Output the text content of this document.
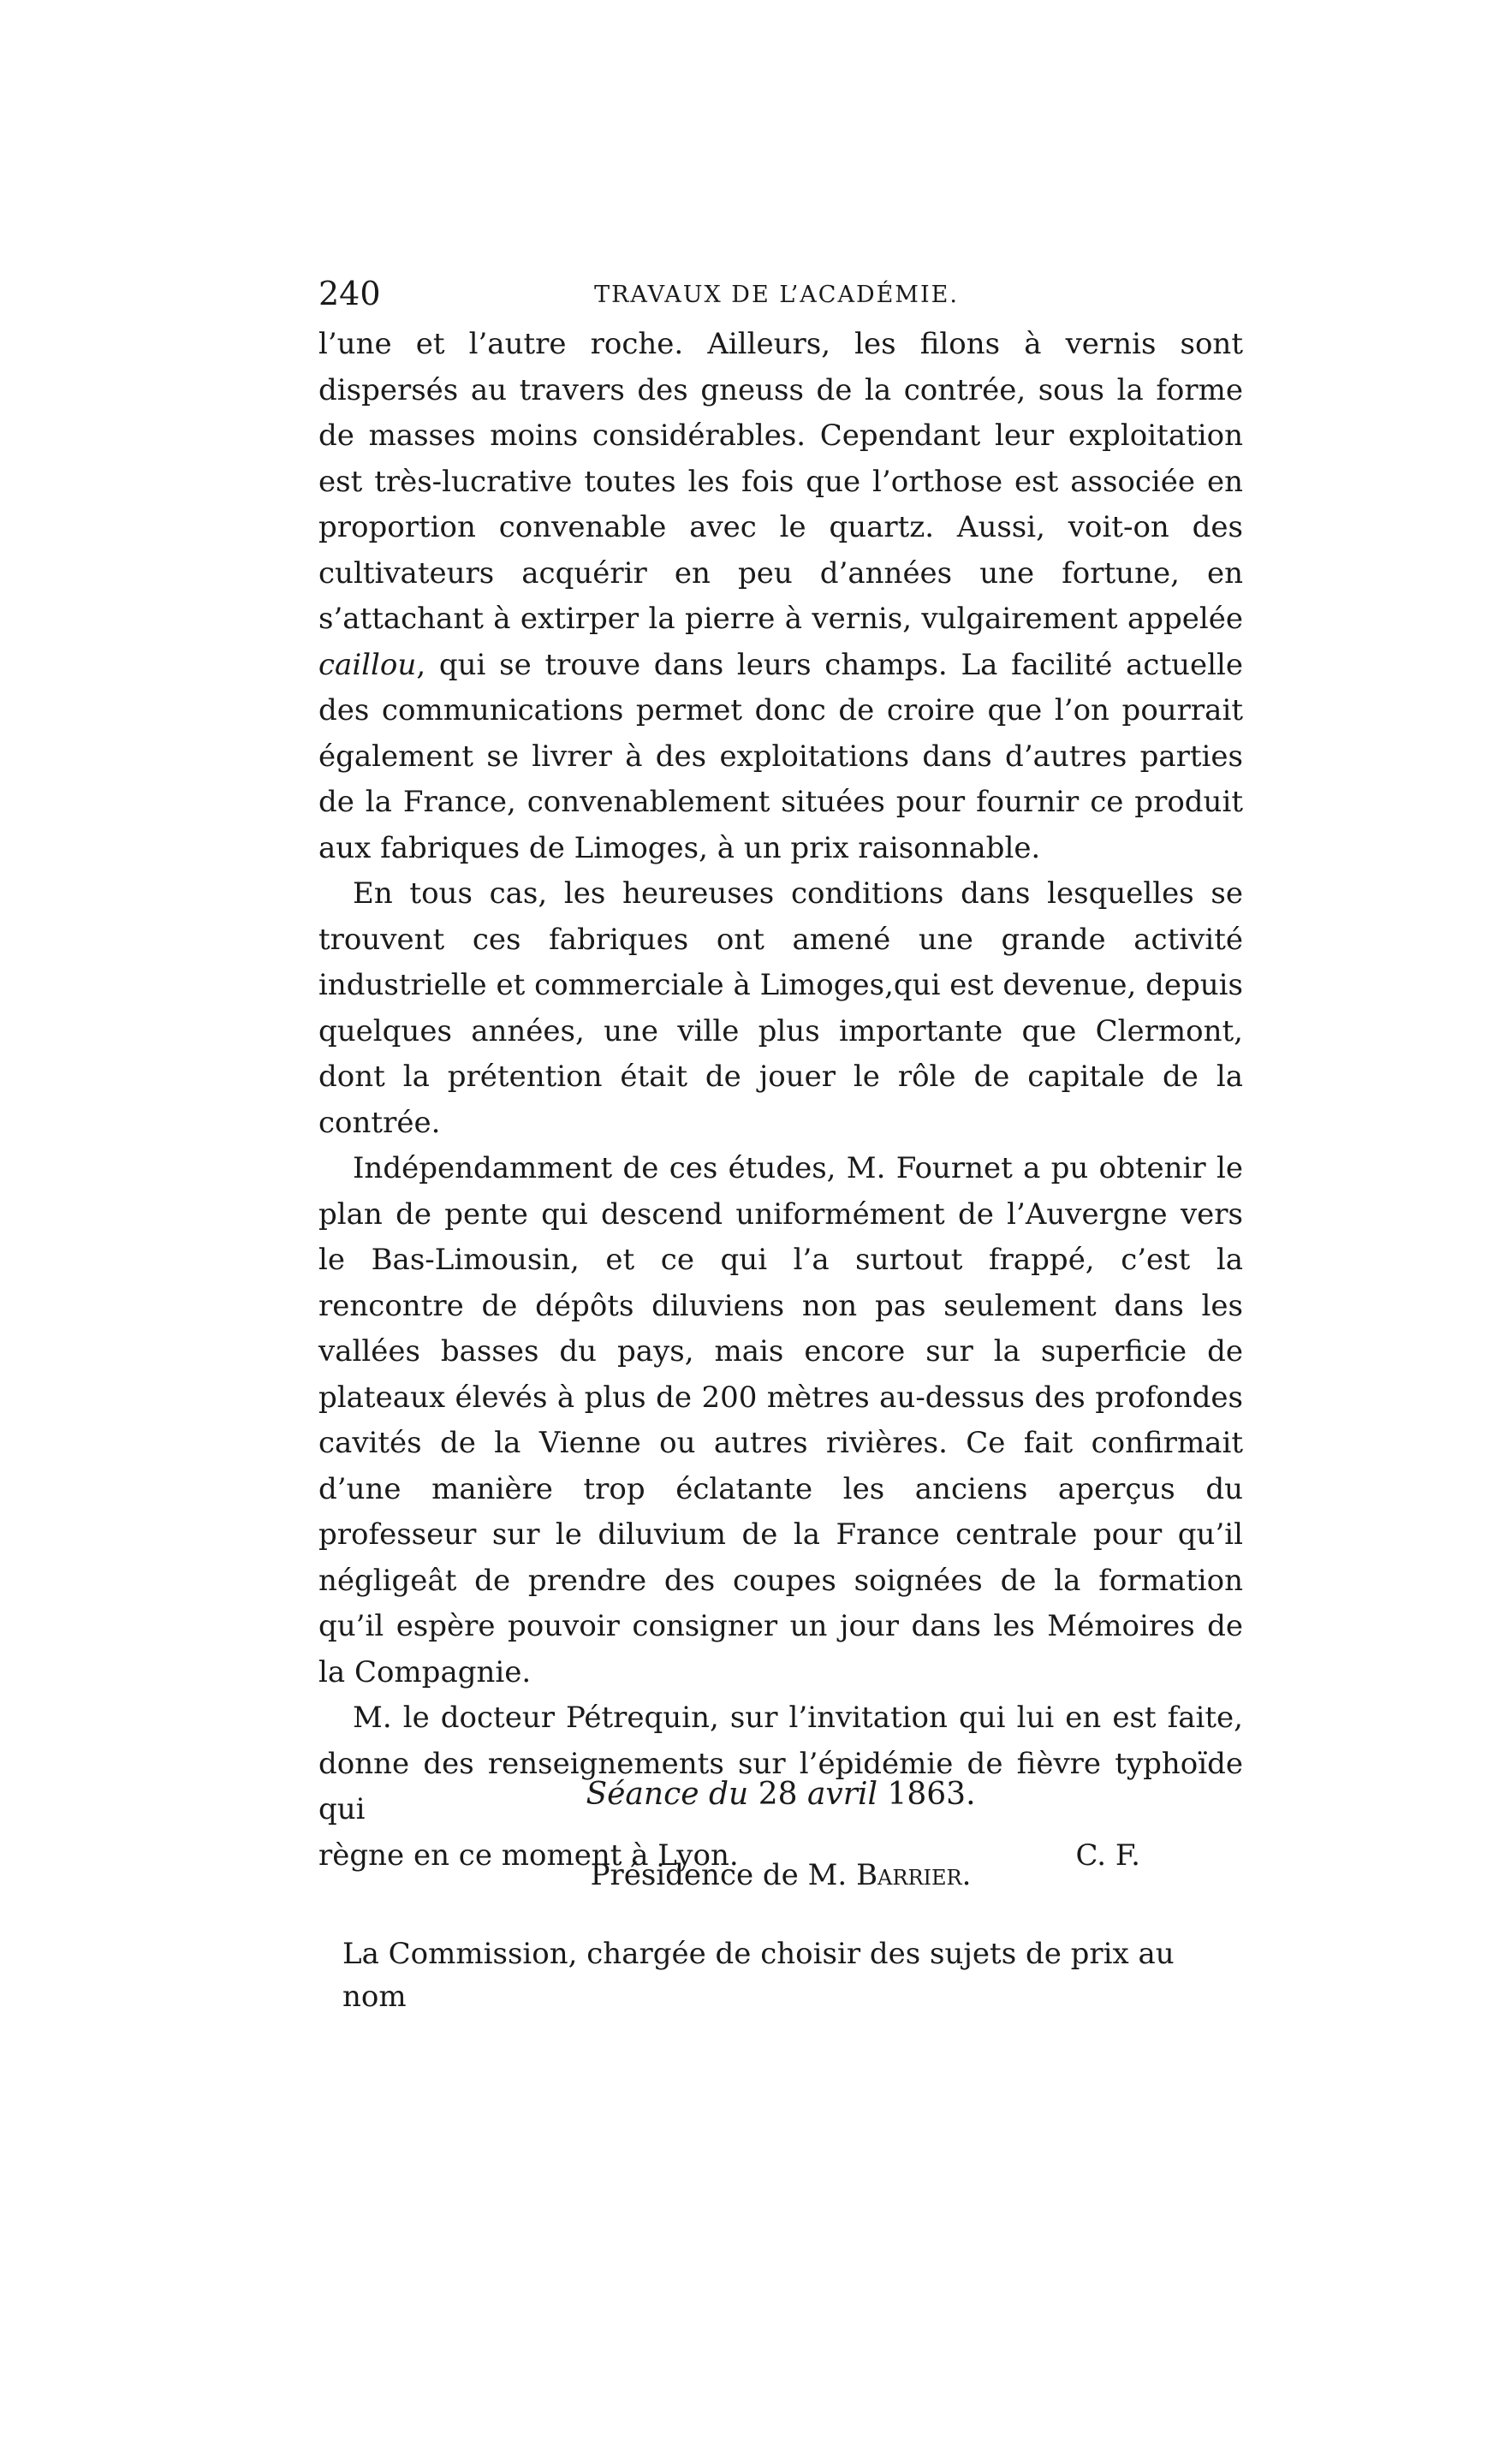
240	TRAVAUX DE L’ACADÉMIE.

l’une et l’autre roche. Ailleurs, les filons à vernis sont dispersés au travers des gneuss de la contrée, sous la forme de masses moins considérables. Cependant leur exploitation est très-lucrative toutes les fois que l’orthose est associée en proportion convenable avec le quartz. Aussi, voit-on des cultivateurs acquérir en peu d’années une fortune, en s’attachant à extirper la pierre à vernis, vulgairement appelée caillou, qui se trouve dans leurs champs. La facilité actuelle des communications permet donc de croire que l’on pourrait également se livrer à des exploitations dans d’autres parties de la France, convenablement situées pour fournir ce produit aux fabriques de Limoges, à un prix raisonnable.

En tous cas, les heureuses conditions dans lesquelles se trouvent ces fabriques ont amené une grande activité industrielle et commerciale à Limoges,qui est devenue, depuis quelques années, une ville plus importante que Clermont, dont la prétention était de jouer le rôle de capitale de la contrée.

Indépendamment de ces études, M. Fournet a pu obtenir le plan de pente qui descend uniformément de l’Auvergne vers le Bas-Limousin, et ce qui l’a surtout frappé, c’est la rencontre de dépôts diluviens non pas seulement dans les vallées basses du pays, mais encore sur la superficie de plateaux élevés à plus de 200 mètres au-dessus des profondes cavités de la Vienne ou autres rivières. Ce fait confirmait d’une manière trop éclatante les anciens aperçus du professeur sur le diluvium de la France centrale pour qu’il négligeât de prendre des coupes soignées de la formation qu’il espère pouvoir consigner un jour dans les Mémoires de la Compagnie.

M. le docteur Pétrequin, sur l’invitation qui lui en est faite, donne des renseignements sur l’épidémie de fièvre typhoïde qui

règne en ce moment à Lyon.	C. F.

Séance du 28 avril 1863.
Présidence de M. Barrier.
La Commission, chargée de choisir des sujets de prix au nom
